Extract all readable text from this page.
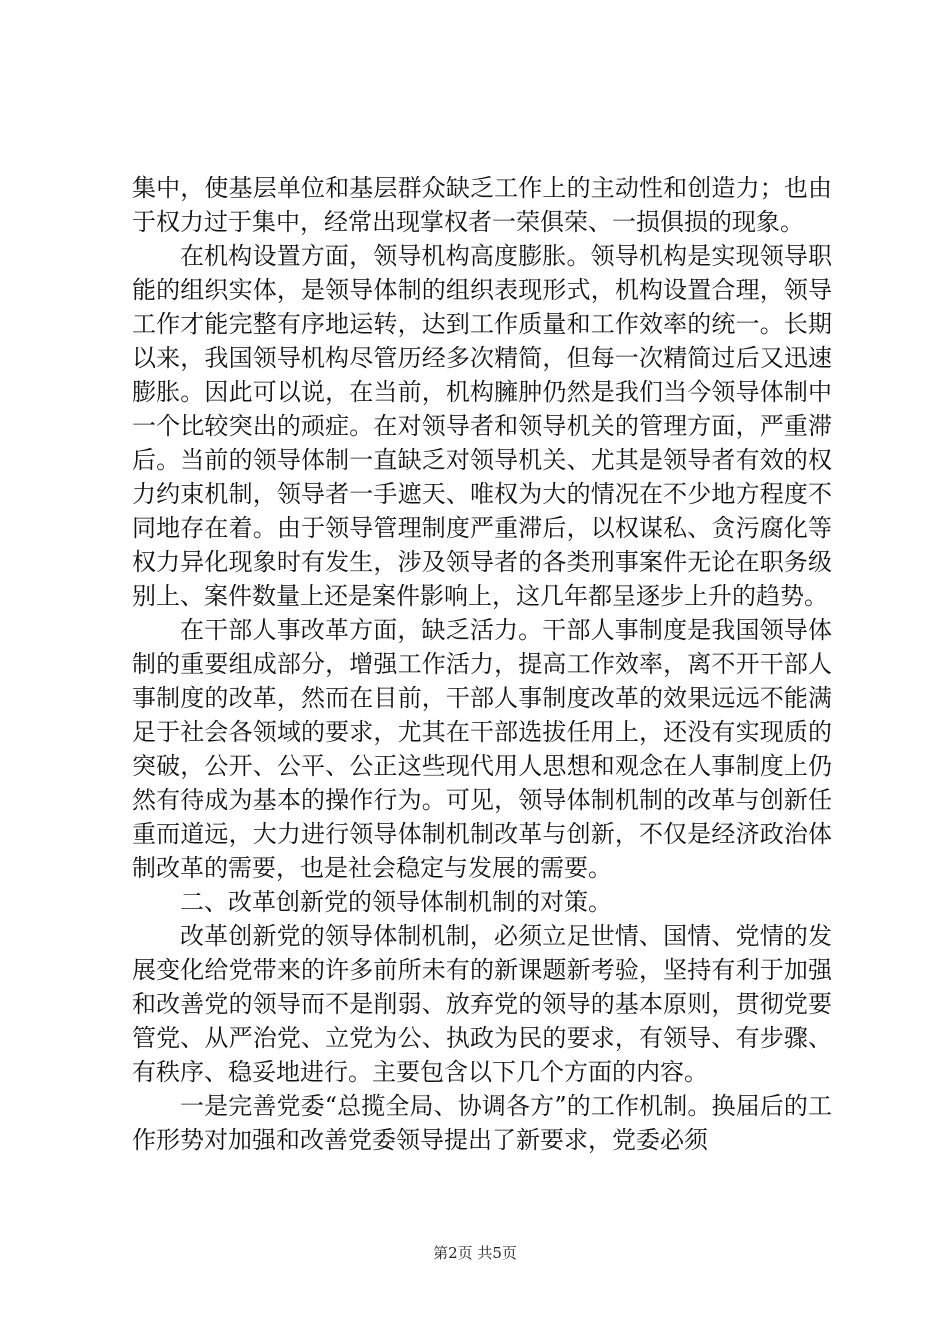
集中，使基层单位和基层群众缺乏工作上的主动性和创造力；也由于权力过于集中，经常出现掌权者一荣俱荣、一损俱损的现象。

在机构设置方面，领导机构高度膨胀。领导机构是实现领导职能的组织实体，是领导体制的组织表现形式，机构设置合理，领导工作才能完整有序地运转，达到工作质量和工作效率的统一。长期以来，我国领导机构尽管历经多次精简，但每一次精简过后又迅速膨胀。因此可以说，在当前，机构臃肿仍然是我们当今领导体制中一个比较突出的顽症。在对领导者和领导机关的管理方面，严重滞后。当前的领导体制一直缺乏对领导机关、尤其是领导者有效的权力约束机制，领导者一手遮天、唯权为大的情况在不少地方程度不同地存在着。由于领导管理制度严重滞后，以权谋私、贪污腐化等权力异化现象时有发生，涉及领导者的各类刑事案件无论在职务级别上、案件数量上还是案件影响上，这几年都呈逐步上升的趋势。

在干部人事改革方面，缺乏活力。干部人事制度是我国领导体制的重要组成部分，增强工作活力，提高工作效率，离不开干部人事制度的改革，然而在目前，干部人事制度改革的效果远远不能满足于社会各领域的要求，尤其在干部选拔任用上，还没有实现质的突破，公开、公平、公正这些现代用人思想和观念在人事制度上仍然有待成为基本的操作行为。可见，领导体制机制的改革与创新任重而道远，大力进行领导体制机制改革与创新，不仅是经济政治体制改革的需要，也是社会稳定与发展的需要。

二、改革创新党的领导体制机制的对策。

改革创新党的领导体制机制，必须立足世情、国情、党情的发展变化给党带来的许多前所未有的新课题新考验，坚持有利于加强和改善党的领导而不是削弱、放弃党的领导的基本原则，贯彻党要管党、从严治党、立党为公、执政为民的要求，有领导、有步骤、有秩序、稳妥地进行。主要包含以下几个方面的内容。

一是完善党委“总揽全局、协调各方”的工作机制。换届后的工作形势对加强和改善党委领导提出了新要求，党委必须

第2页 共5页
